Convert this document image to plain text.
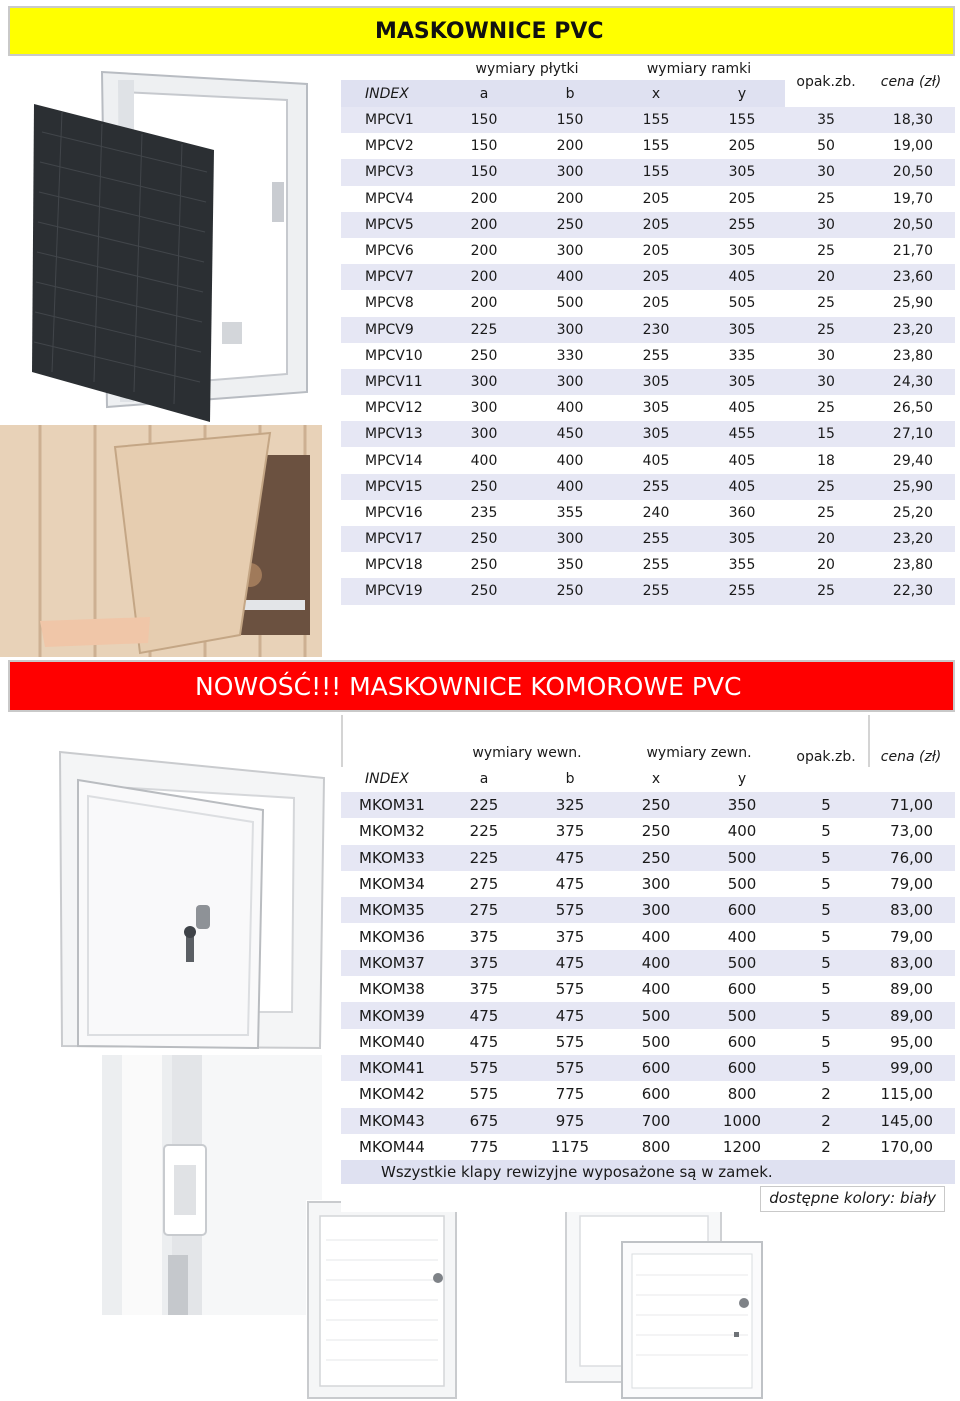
MASKOWNICE PVC
	wymiary płytki		wymiary ramki		opak.zb.	cena (zł)
INDEX	a	b	x	y		
MPCV1	150	150	155	155	35	18,30
MPCV2	150	200	155	205	50	19,00
MPCV3	150	300	155	305	30	20,50
MPCV4	200	200	205	205	25	19,70
MPCV5	200	250	205	255	30	20,50
MPCV6	200	300	205	305	25	21,70
MPCV7	200	400	205	405	20	23,60
MPCV8	200	500	205	505	25	25,90
MPCV9	225	300	230	305	25	23,20
MPCV10	250	330	255	335	30	23,80
MPCV11	300	300	305	305	30	24,30
MPCV12	300	400	305	405	25	26,50
MPCV13	300	450	305	455	15	27,10
MPCV14	400	400	405	405	18	29,40
MPCV15	250	400	255	405	25	25,90
MPCV16	235	355	240	360	25	25,20
MPCV17	250	300	255	305	20	23,20
MPCV18	250	350	255	355	20	23,80
MPCV19	250	250	255	255	25	22,30
NOWOŚĆ!!! MASKOWNICE KOMOROWE PVC
	wymiary wewn.		wymiary zewn.		opak.zb.	cena (zł)
INDEX	a	b	x	y		
MKOM31	225	325	250	350	5	71,00
MKOM32	225	375	250	400	5	73,00
MKOM33	225	475	250	500	5	76,00
MKOM34	275	475	300	500	5	79,00
MKOM35	275	575	300	600	5	83,00
MKOM36	375	375	400	400	5	79,00
MKOM37	375	475	400	500	5	83,00
MKOM38	375	575	400	600	5	89,00
MKOM39	475	475	500	500	5	89,00
MKOM40	475	575	500	600	5	95,00
MKOM41	575	575	600	600	5	99,00
MKOM42	575	775	600	800	2	115,00
MKOM43	675	975	700	1000	2	145,00
MKOM44	775	1175	800	1200	2	170,00
Wszystkie klapy rewizyjne wyposażone są w zamek.						
dostępne kolory: biały						
